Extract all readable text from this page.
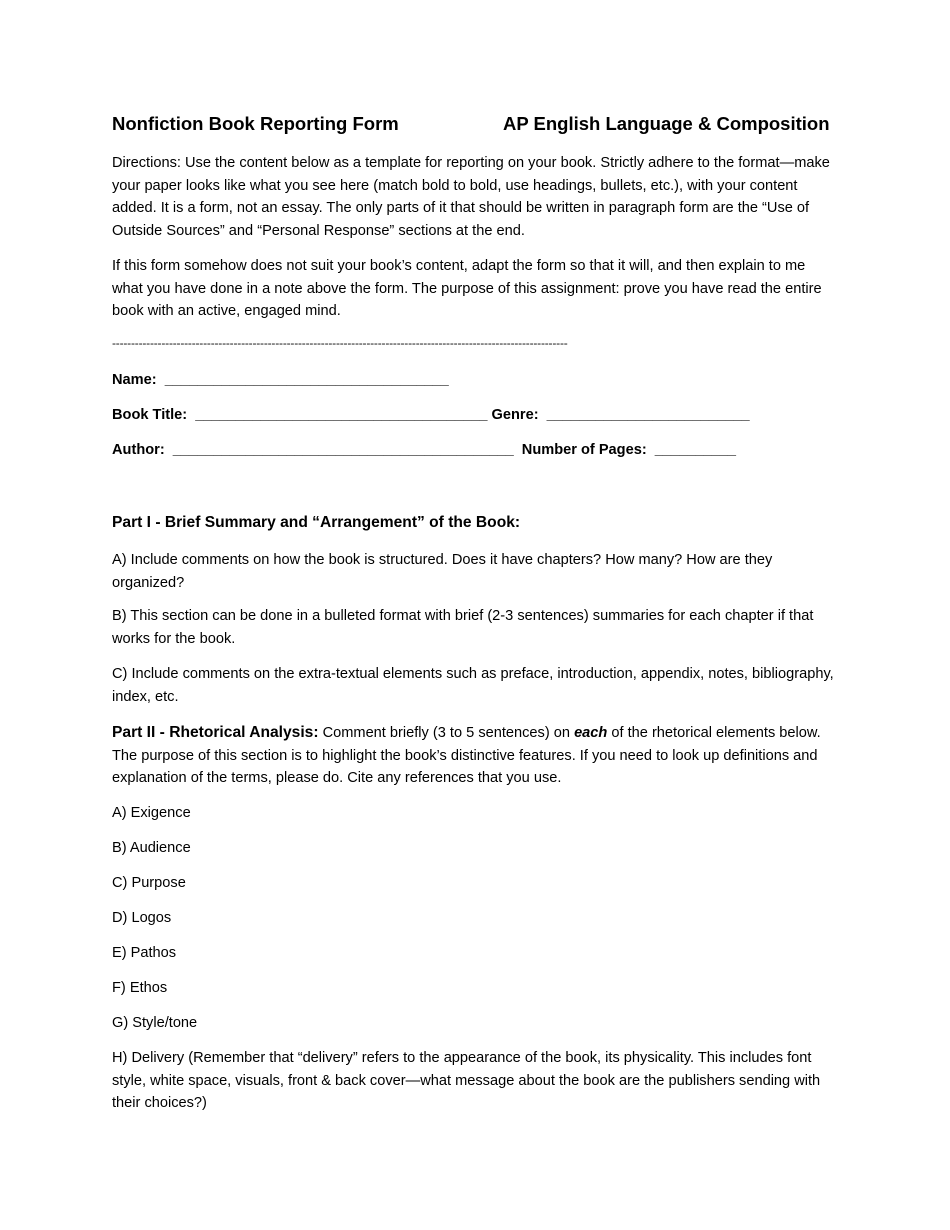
Nonfiction Book Reporting Form	AP English Language & Composition
Directions: Use the content below as a template for reporting on your book. Strictly adhere to the format—make your paper looks like what you see here (match bold to bold, use headings, bullets, etc.), with your content added. It is a form, not an essay. The only parts of it that should be written in paragraph form are the “Use of Outside Sources” and “Personal Response” sections at the end.
If this form somehow does not suit your book’s content, adapt the form so that it will, and then explain to me what you have done in a note above the form. The purpose of this assignment: prove you have read the entire book with an active, engaged mind.
------------------------------------------------------------------------------------------------------------------------
Name: ___________________________________
Book Title: ____________________________________ Genre: _________________________
Author: __________________________________________ Number of Pages: __________
Part I - Brief Summary and “Arrangement” of the Book:
A) Include comments on how the book is structured. Does it have chapters? How many? How are they organized?
B) This section can be done in a bulleted format with brief (2-3 sentences) summaries for each chapter if that works for the book.
C) Include comments on the extra-textual elements such as preface, introduction, appendix, notes, bibliography, index, etc.
Part II - Rhetorical Analysis: Comment briefly (3 to 5 sentences) on each of the rhetorical elements below. The purpose of this section is to highlight the book’s distinctive features. If you need to look up definitions and explanation of the terms, please do. Cite any references that you use.
A) Exigence
B) Audience
C) Purpose
D) Logos
E) Pathos
F) Ethos
G) Style/tone
H) Delivery (Remember that “delivery” refers to the appearance of the book, its physicality. This includes font style, white space, visuals, front & back cover—what message about the book are the publishers sending with their choices?)
